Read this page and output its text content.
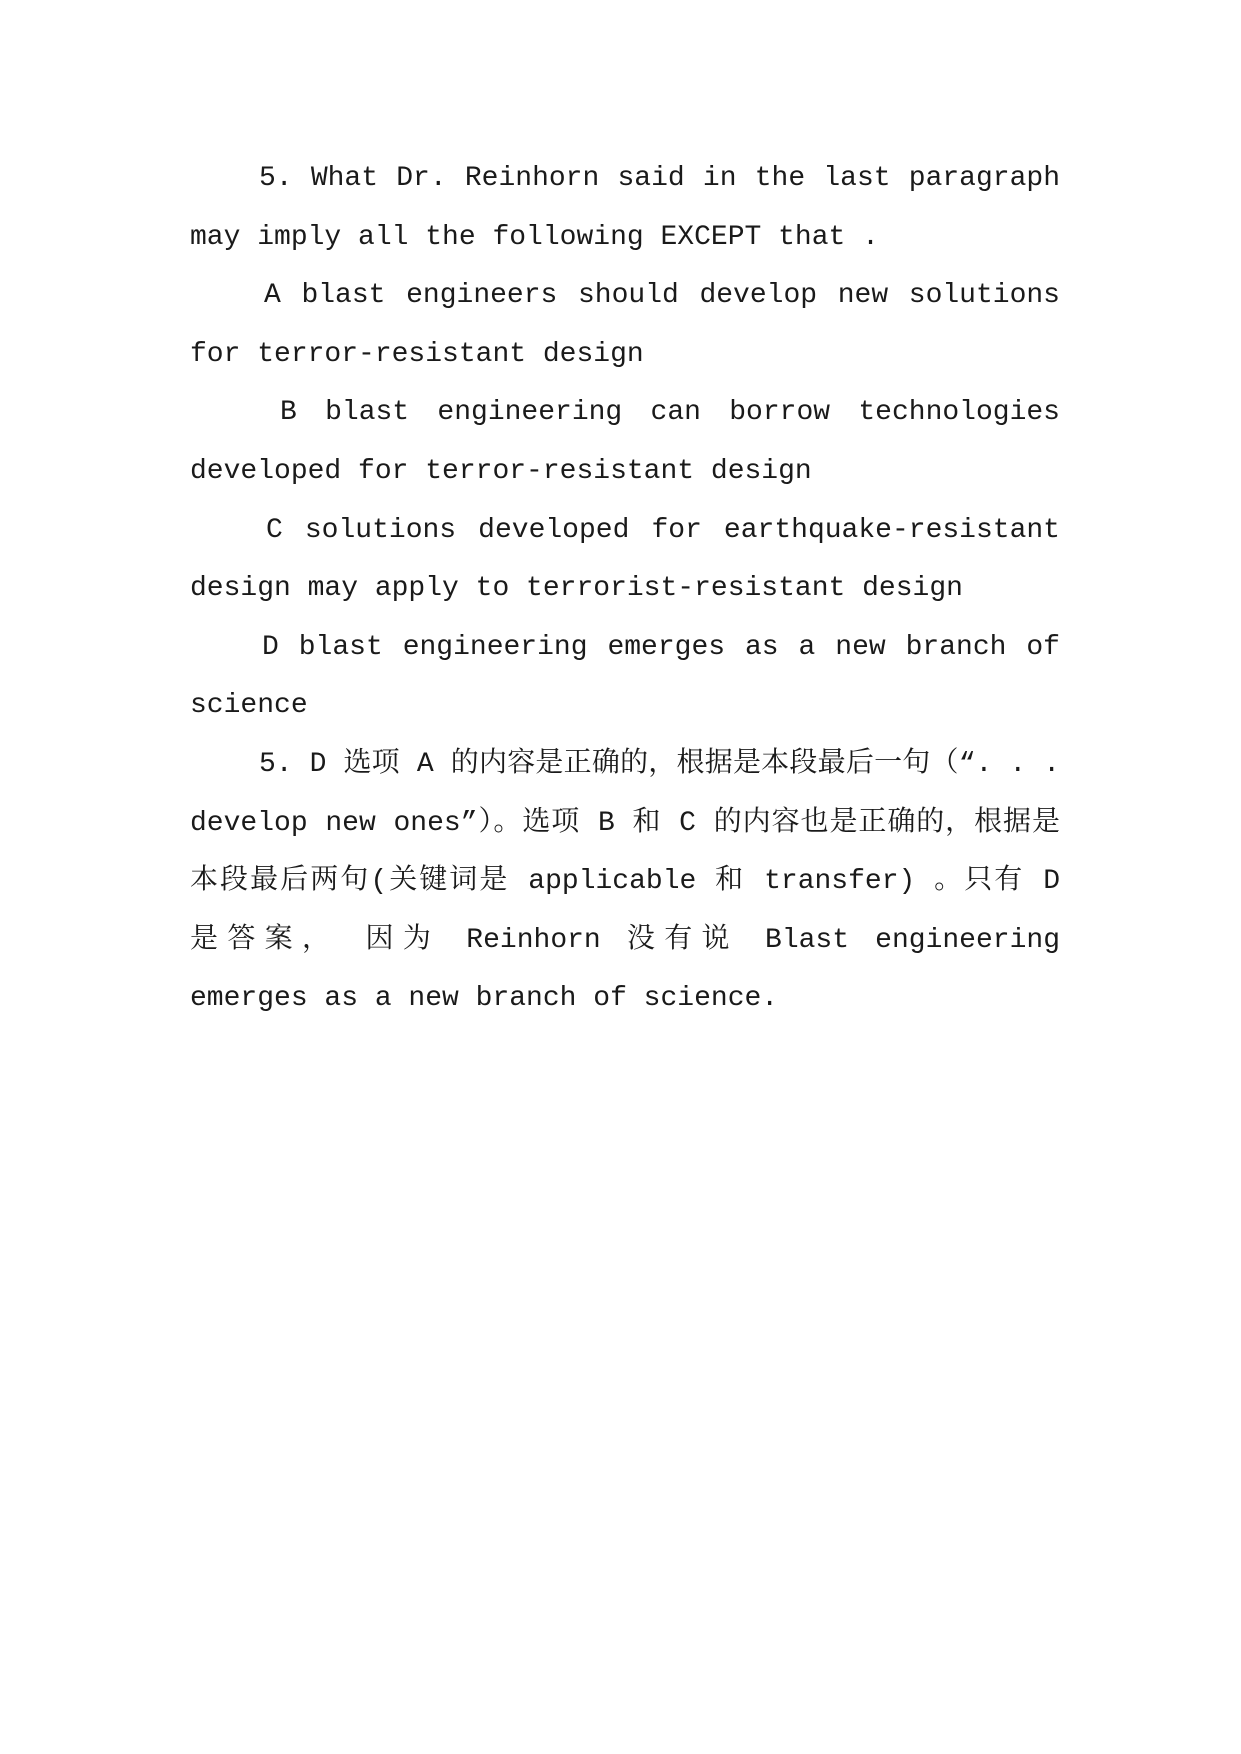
5. What Dr. Reinhorn said in the last paragraph may imply all the following EXCEPT that .

A blast engineers should develop new solutions for terror-resistant design

B blast engineering can borrow technologies developed for terror-resistant design

C solutions developed for earthquake-resistant design may apply to terrorist-resistant design

D blast engineering emerges as a new branch of science

5. D 选项 A 的内容是正确的，根据是本段最后一句（“. . . develop new ones”）。选项 B 和 C 的内容也是正确的，根据是本段最后两句(关键词是 applicable 和 transfer) 。只有 D 是答案， 因为 Reinhorn 没有说 Blast engineering emerges as a new branch of science.
